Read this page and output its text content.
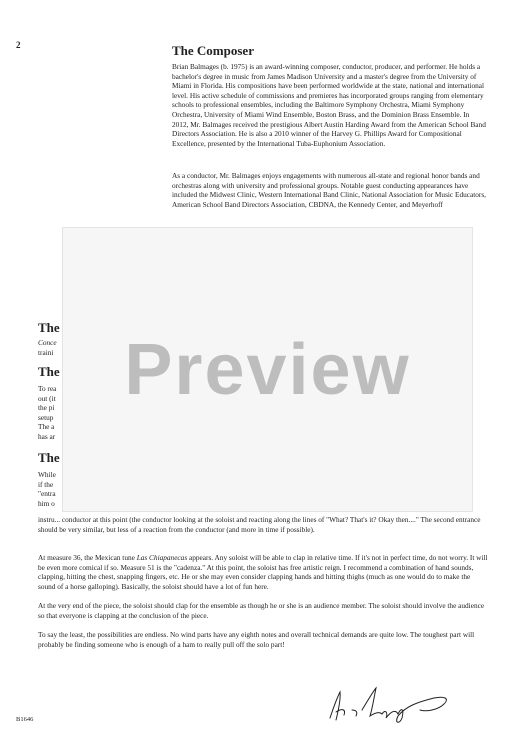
2	The Composer

Brian Balmages (b. 1975) is an award-winning composer, conductor, producer, and performer. He holds a bachelor's degree in music from James Madison University and a master's degree from the University of Miami in Florida. His compositions have been performed worldwide at the state, national and international level. His active schedule of commissions and premieres has incorporated groups ranging from elementary schools to professional ensembles, including the Baltimore Symphony Orchestra, Miami Symphony Orchestra, University of Miami Wind Ensemble, Boston Brass, and the Dominion Brass Ensemble. In 2012, Mr. Balmages received the prestigious Albert Austin Harding Award from the American School Band Directors Association. He is also a 2010 winner of the Harvey G. Phillips Award for Compositional Excellence, presented by the International Tuba-Euphonium Association.

As a conductor, Mr. Balmages enjoys engagements with numerous all-state and regional honor bands and orchestras along with university and professional groups. Notable guest conducting appearances have included the Midwest Clinic, Western International Band Clinic, National Association for Music Educators, American School Band Directors Association, CBDNA, the Kennedy Center, and Meyerhoff

The
Conce
traini
The
To rea
out (it
the pi
setup
The a
has ar
The
While
if the
"entra
him o

instru... conductor at this point (the conductor looking at the soloist and reacting along the lines of "What? That's it? Okay then...." The second entrance should be very similar, but less of a reaction from the conductor (and more in time if possible).

At measure 36, the Mexican tune Las Chiapanecas appears. Any soloist will be able to clap in relative time. If it's not in perfect time, do not worry. It will be even more comical if so. Measure 51 is the "cadenza." At this point, the soloist has free artistic reign. I recommend a combination of hand sounds, clapping, hitting the chest, snapping fingers, etc. He or she may even consider clapping hands and hitting thighs (much as one would do to make the sound of a horse galloping). Basically, the soloist should have a lot of fun here.

At the very end of the piece, the soloist should clap for the ensemble as though he or she is an audience member. The soloist should involve the audience so that everyone is clapping at the conclusion of the piece.

To say the least, the possibilities are endless. No wind parts have any eighth notes and overall technical demands are quite low. The toughest part will probably be finding someone who is enough of a ham to really pull off the solo part!

Preview
B1646
